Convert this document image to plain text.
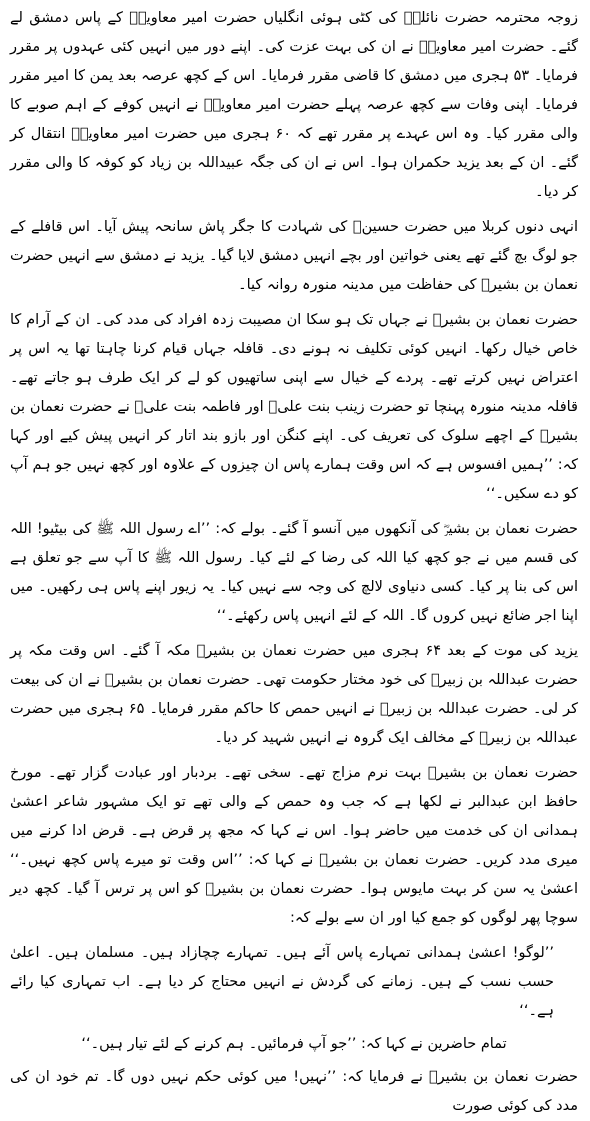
زوجہ محترمہ حضرت نائلہؓ کی کٹی ہوئی انگلیاں حضرت امیر معاویہؓ کے پاس دمشق لے گئے۔ حضرت امیر معاویہؓ نے ان کی بہت عزت کی۔ اپنے دور میں انہیں کئی عہدوں پر مقرر فرمایا۔ ۵۳ ہجری میں دمشق کا قاضی مقرر فرمایا۔ اس کے کچھ عرصہ بعد یمن کا امیر مقرر فرمایا۔ اپنی وفات سے کچھ عرصہ پہلے حضرت امیر معاویہؓ نے انہیں کوفے کے اہم صوبے کا والی مقرر کیا۔ وہ اس عہدے پر مقرر تھے کہ ۶۰ ہجری میں حضرت امیر معاویہؓ انتقال کر گئے۔ ان کے بعد یزید حکمران ہوا۔ اس نے ان کی جگہ عبیداللہ بن زیاد کو کوفہ کا والی مقرر کر دیا۔

انہی دنوں کربلا میں حضرت حسینؓ کی شہادت کا جگر پاش سانحہ پیش آیا۔ اس قافلے کے جو لوگ بچ گئے تھے یعنی خواتین اور بچے انہیں دمشق لایا گیا۔ یزید نے دمشق سے انہیں حضرت نعمان بن بشیرؓ کی حفاظت میں مدینہ منورہ روانہ کیا۔

حضرت نعمان بن بشیرؓ نے جہاں تک ہو سکا ان مصیبت زدہ افراد کی مدد کی۔ ان کے آرام کا خاص خیال رکھا۔ انہیں کوئی تکلیف نہ ہونے دی۔ قافلہ جہاں قیام کرنا چاہتا تھا یہ اس پر اعتراض نہیں کرتے تھے۔ پردے کے خیال سے اپنی ساتھیوں کو لے کر ایک طرف ہو جاتے تھے۔ قافلہ مدینہ منورہ پہنچا تو حضرت زینب بنت علیؓ اور فاطمہ بنت علیؓ نے حضرت نعمان بن بشیرؓ کے اچھے سلوک کی تعریف کی۔ اپنے کنگن اور بازو بند اتار کر انہیں پیش کیے اور کہا کہ: ’’ہمیں افسوس ہے کہ اس وقت ہمارے پاس ان چیزوں کے علاوہ اور کچھ نہیں جو ہم آپ کو دے سکیں۔‘‘

حضرت نعمان بن بشیرؓ کی آنکھوں میں آنسو آ گئے۔ بولے کہ: ’’اے رسول اللہ ﷺ کی بیٹیو! اللہ کی قسم میں نے جو کچھ کیا اللہ کی رضا کے لئے کیا۔ رسول اللہ ﷺ کا آپ سے جو تعلق ہے اس کی بنا پر کیا۔ کسی دنیاوی لالچ کی وجہ سے نہیں کیا۔ یہ زیور اپنے پاس ہی رکھیں۔ میں اپنا اجر ضائع نہیں کروں گا۔ اللہ کے لئے انہیں پاس رکھئے۔‘‘

یزید کی موت کے بعد ۶۴ ہجری میں حضرت نعمان بن بشیرؓ مکہ آ گئے۔ اس وقت مکہ پر حضرت عبداللہ بن زبیرؓ کی خود مختار حکومت تھی۔ حضرت نعمان بن بشیرؓ نے ان کی بیعت کر لی۔ حضرت عبداللہ بن زبیرؓ نے انہیں حمص کا حاکم مقرر فرمایا۔ ۶۵ ہجری میں حضرت عبداللہ بن زبیرؓ کے مخالف ایک گروہ نے انہیں شہید کر دیا۔

حضرت نعمان بن بشیرؓ بہت نرم مزاج تھے۔ سخی تھے۔ بردبار اور عبادت گزار تھے۔ مورخ حافظ ابن عبدالبر نے لکھا ہے کہ جب وہ حمص کے والی تھے تو ایک مشہور شاعر اعشیٰ ہمدانی ان کی خدمت میں حاضر ہوا۔ اس نے کہا کہ مجھ پر قرض ہے۔ قرض ادا کرنے میں میری مدد کریں۔ حضرت نعمان بن بشیرؓ نے کہا کہ: ’’اس وقت تو میرے پاس کچھ نہیں۔‘‘ اعشیٰ یہ سن کر بہت مایوس ہوا۔ حضرت نعمان بن بشیرؓ کو اس پر ترس آ گیا۔ کچھ دیر سوچا پھر لوگوں کو جمع کیا اور ان سے بولے کہ:

’’لوگو! اعشیٰ ہمدانی تمہارے پاس آئے ہیں۔ تمہارے چچازاد ہیں۔ مسلمان ہیں۔ اعلیٰ حسب نسب کے ہیں۔ زمانے کی گردش نے انہیں محتاج کر دیا ہے۔ اب تمہاری کیا رائے ہے۔‘‘

تمام حاضرین نے کہا کہ: ’’جو آپ فرمائیں۔ ہم کرنے کے لئے تیار ہیں۔‘‘

حضرت نعمان بن بشیرؓ نے فرمایا کہ: ’’نہیں! میں کوئی حکم نہیں دوں گا۔ تم خود ان کی مدد کی کوئی صورت
